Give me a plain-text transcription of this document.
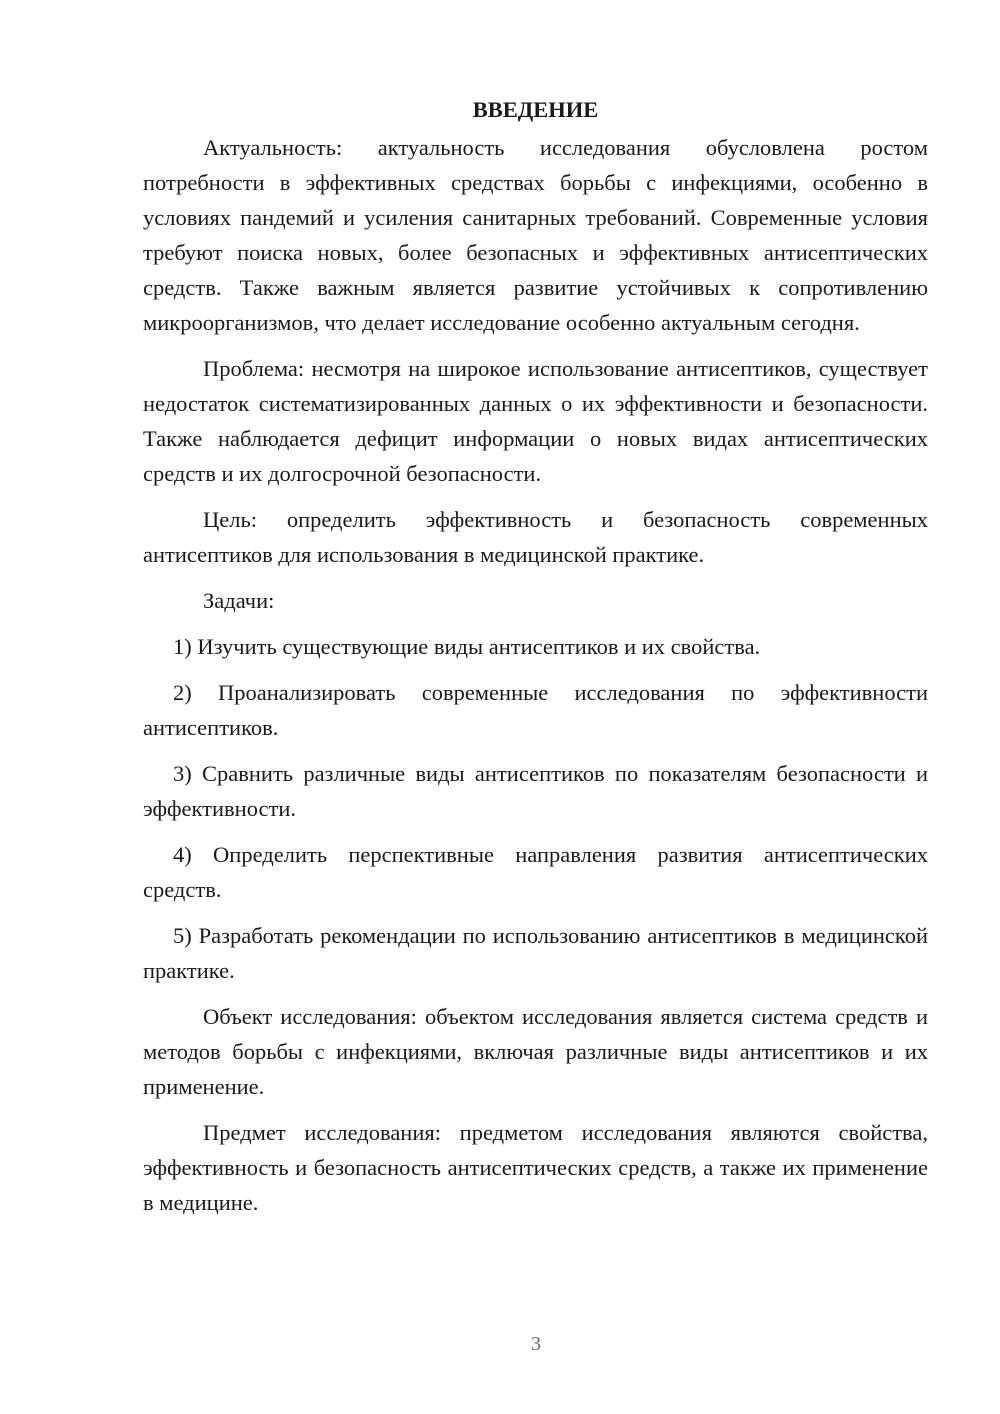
ВВЕДЕНИЕ

Актуальность: актуальность исследования обусловлена ростом потребности в эффективных средствах борьбы с инфекциями, особенно в условиях пандемий и усиления санитарных требований. Современные условия требуют поиска новых, более безопасных и эффективных антисептических средств. Также важным является развитие устойчивых к сопротивлению микроорганизмов, что делает исследование особенно актуальным сегодня.

Проблема: несмотря на широкое использование антисептиков, существует недостаток систематизированных данных о их эффективности и безопасности. Также наблюдается дефицит информации о новых видах антисептических средств и их долгосрочной безопасности.

Цель: определить эффективность и безопасность современных антисептиков для использования в медицинской практике.

Задачи:

1) Изучить существующие виды антисептиков и их свойства.

2) Проанализировать современные исследования по эффективности антисептиков.

3) Сравнить различные виды антисептиков по показателям безопасности и эффективности.

4) Определить перспективные направления развития антисептических средств.

5) Разработать рекомендации по использованию антисептиков в медицинской практике.

Объект исследования: объектом исследования является система средств и методов борьбы с инфекциями, включая различные виды антисептиков и их применение.

Предмет исследования: предметом исследования являются свойства, эффективность и безопасность антисептических средств, а также их применение в медицине.

3
